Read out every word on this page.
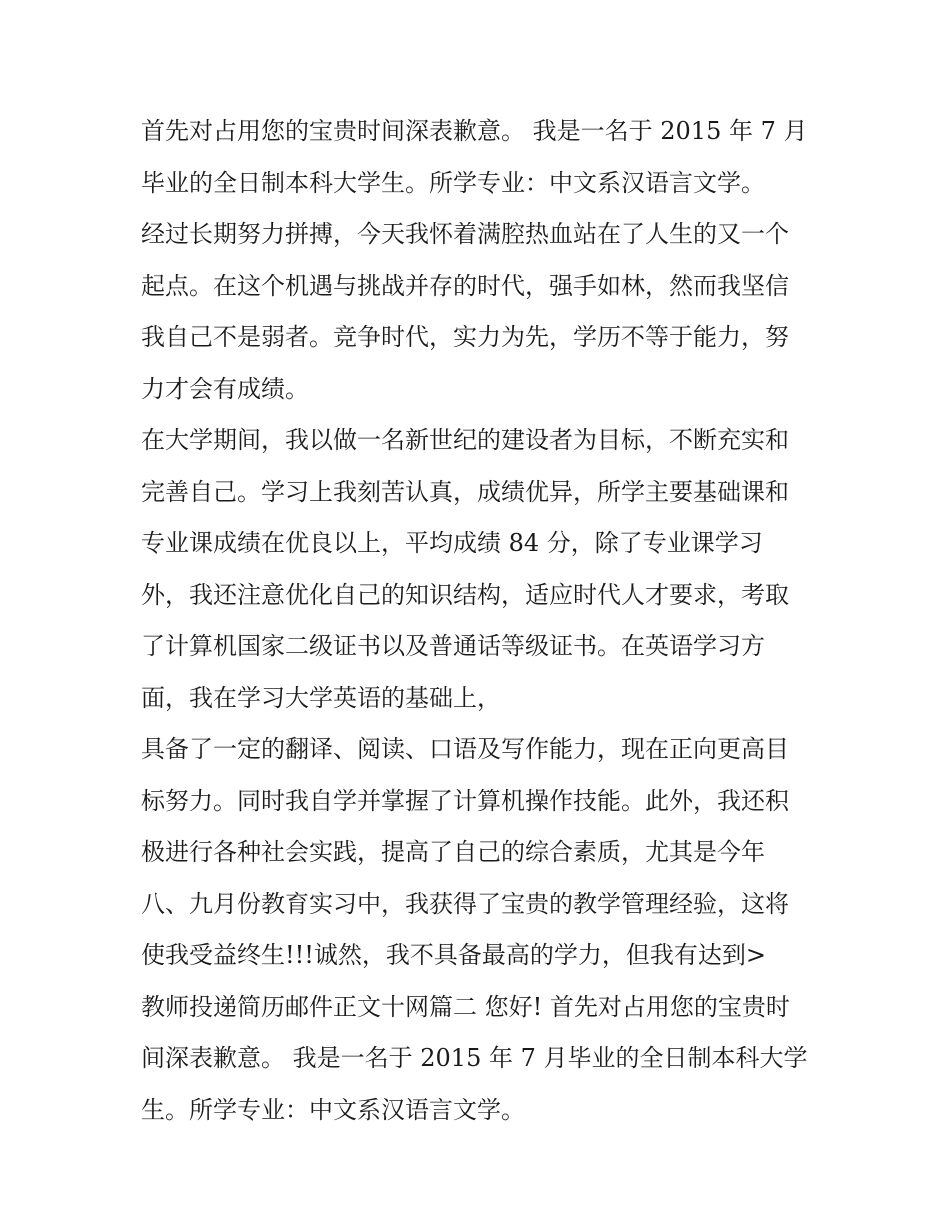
首先对占用您的宝贵时间深表歉意。 我是一名于 2015 年 7 月
毕业的全日制本科大学生。所学专业：中文系汉语言文学。
经过长期努力拼搏，今天我怀着满腔热血站在了人生的又一个
起点。在这个机遇与挑战并存的时代，强手如林，然而我坚信
我自己不是弱者。竞争时代，实力为先，学历不等于能力，努
力才会有成绩。
在大学期间，我以做一名新世纪的建设者为目标，不断充实和
完善自己。学习上我刻苦认真，成绩优异，所学主要基础课和
专业课成绩在优良以上，平均成绩 84 分，除了专业课学习
外，我还注意优化自己的知识结构，适应时代人才要求，考取
了计算机国家二级证书以及普通话等级证书。在英语学习方
面，我在学习大学英语的基础上，
具备了一定的翻译、阅读、口语及写作能力，现在正向更高目
标努力。同时我自学并掌握了计算机操作技能。此外，我还积
极进行各种社会实践，提高了自己的综合素质，尤其是今年
八、九月份教育实习中，我获得了宝贵的教学管理经验，这将
使我受益终生!!!诚然，我不具备最高的学力，但我有达到>
教师投递简历邮件正文十网篇二 您好! 首先对占用您的宝贵时
间深表歉意。 我是一名于 2015 年 7 月毕业的全日制本科大学
生。所学专业：中文系汉语言文学。
